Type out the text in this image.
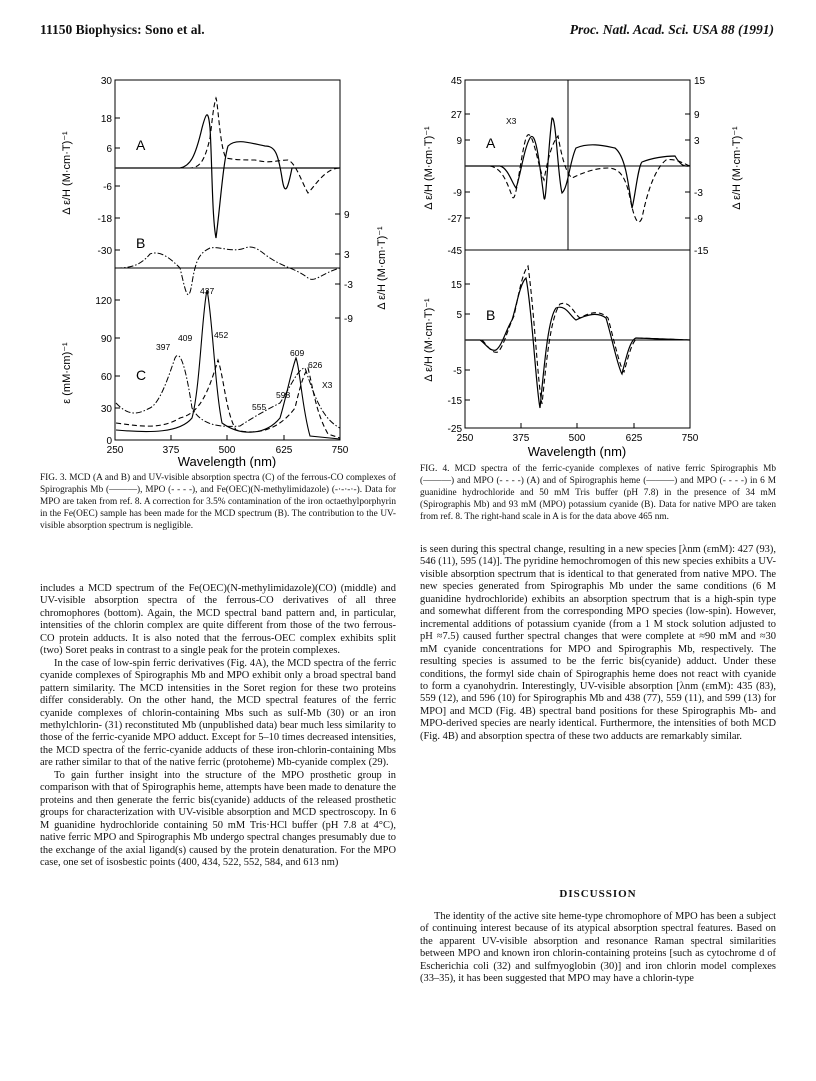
11150 Biophysics: Sono et al.	Proc. Natl. Acad. Sci. USA 88 (1991)
30
18
6
-6
-18
-30
120
90
60
30
0
9
3
-3
-9
250	375	500	625	750
Wavelength (nm)
Δ ε/H (M·cm·T)⁻¹
Δ ε/H (M·cm·T)⁻¹
ε (mM·cm)⁻¹
A
B
C
437
409	452
397
609
626
598
555
X3
45
27
9
-9
-27
-45
15
5
-5
-15
-25
15
9
3
-3
-9
-15
250	375	500	625	750
Wavelength (nm)
Δ ε/H (M·cm·T)⁻¹	Δ ε/H (M·cm·T)⁻¹
Δ ε/H (M·cm·T)⁻¹
A
B
X3
FIG. 3. MCD (A and B) and UV-visible absorption spectra (C) of the ferrous-CO complexes of Spirographis Mb (———), MPO (- - - -), and Fe(OEC)(N-methylimidazole) (-·-·-·-). Data for MPO are taken from ref. 8. A correction for 3.5% contamination of the iron octaethylporphyrin in the Fe(OEC) sample has been made for the MCD spectrum (B). The contribution to the UV-visible absorption spectrum is negligible.
FIG. 4. MCD spectra of the ferric-cyanide complexes of native ferric Spirographis Mb (———) and MPO (- - - -) (A) and of Spirographis heme (———) and MPO (- - - -) in 6 M guanidine hydrochloride and 50 mM Tris buffer (pH 7.8) in the presence of 34 mM (Spirographis Mb) and 93 mM (MPO) potassium cyanide (B). Data for native MPO are taken from ref. 8. The right-hand scale in A is for the data above 465 nm.

includes a MCD spectrum of the Fe(OEC)(N-methylimidazole)(CO) (middle) and UV-visible absorption spectra of the ferrous-CO derivatives of all three chromophores (bottom). Again, the MCD spectral band pattern and, in particular, intensities of the chlorin complex are quite different from those of the two ferrous-CO protein adducts. It is also noted that the ferrous-OEC complex exhibits split (two) Soret peaks in contrast to a single peak for the protein complexes.

In the case of low-spin ferric derivatives (Fig. 4A), the MCD spectra of the ferric cyanide complexes of Spirographis Mb and MPO exhibit only a broad spectral band pattern similarity. The MCD intensities in the Soret region for these two proteins differ considerably. On the other hand, the MCD spectral features of the ferric cyanide complexes of chlorin-containing Mbs such as sulf-Mb (30) or an iron methylchlorin- (31) reconstituted Mb (unpublished data) bear much less similarity to those of the ferric-cyanide MPO adduct. Except for 5–10 times decreased intensities, the MCD spectra of the ferric-cyanide adducts of these iron-chlorin-containing Mbs are rather similar to that of the native ferric (protoheme) Mb-cyanide complex (29).

To gain further insight into the structure of the MPO prosthetic group in comparison with that of Spirographis heme, attempts have been made to denature the proteins and then generate the ferric bis(cyanide) adducts of the released prosthetic groups for characterization with UV-visible absorption and MCD spectroscopy. In 6 M guanidine hydrochloride containing 50 mM Tris·HCl buffer (pH 7.8 at 4°C), native ferric MPO and Spirographis Mb undergo spectral changes presumably due to the exchange of the axial ligand(s) caused by the protein denaturation. For the MPO case, one set of isosbestic points (400, 434, 522, 552, 584, and 613 nm)

is seen during this spectral change, resulting in a new species [λnm (εmM): 427 (93), 546 (11), 595 (14)]. The pyridine hemochromogen of this new species exhibits a UV-visible absorption spectrum that is identical to that generated from native MPO. The new species generated from Spirographis Mb under the same conditions (6 M guanidine hydrochloride) exhibits an absorption spectrum that is a high-spin type and somewhat different from the corresponding MPO species (low-spin). However, incremental additions of potassium cyanide (from a 1 M stock solution adjusted to pH ≈7.5) caused further spectral changes that were complete at ≈90 mM and ≈30 mM cyanide concentrations for MPO and Spirographis Mb, respectively. The resulting species is assumed to be the ferric bis(cyanide) adduct. Under these conditions, the formyl side chain of Spirographis heme does not react with cyanide to form a cyanohydrin. Interestingly, UV-visible absorption [λnm (εmM): 435 (83), 559 (12), and 596 (10) for Spirographis Mb and 438 (77), 559 (11), and 599 (13) for MPO] and MCD (Fig. 4B) spectral band positions for these Spirographis Mb- and MPO-derived species are nearly identical. Furthermore, the intensities of both MCD (Fig. 4B) and absorption spectra of these two adducts are remarkably similar.

DISCUSSION

The identity of the active site heme-type chromophore of MPO has been a subject of continuing interest because of its atypical absorption spectral features. Based on the apparent UV-visible absorption and resonance Raman spectral similarities between MPO and known iron chlorin-containing proteins [such as cytochrome d of Escherichia coli (32) and sulfmyoglobin (30)] and iron chlorin model complexes (33–35), it has been suggested that MPO may have a chlorin-type
